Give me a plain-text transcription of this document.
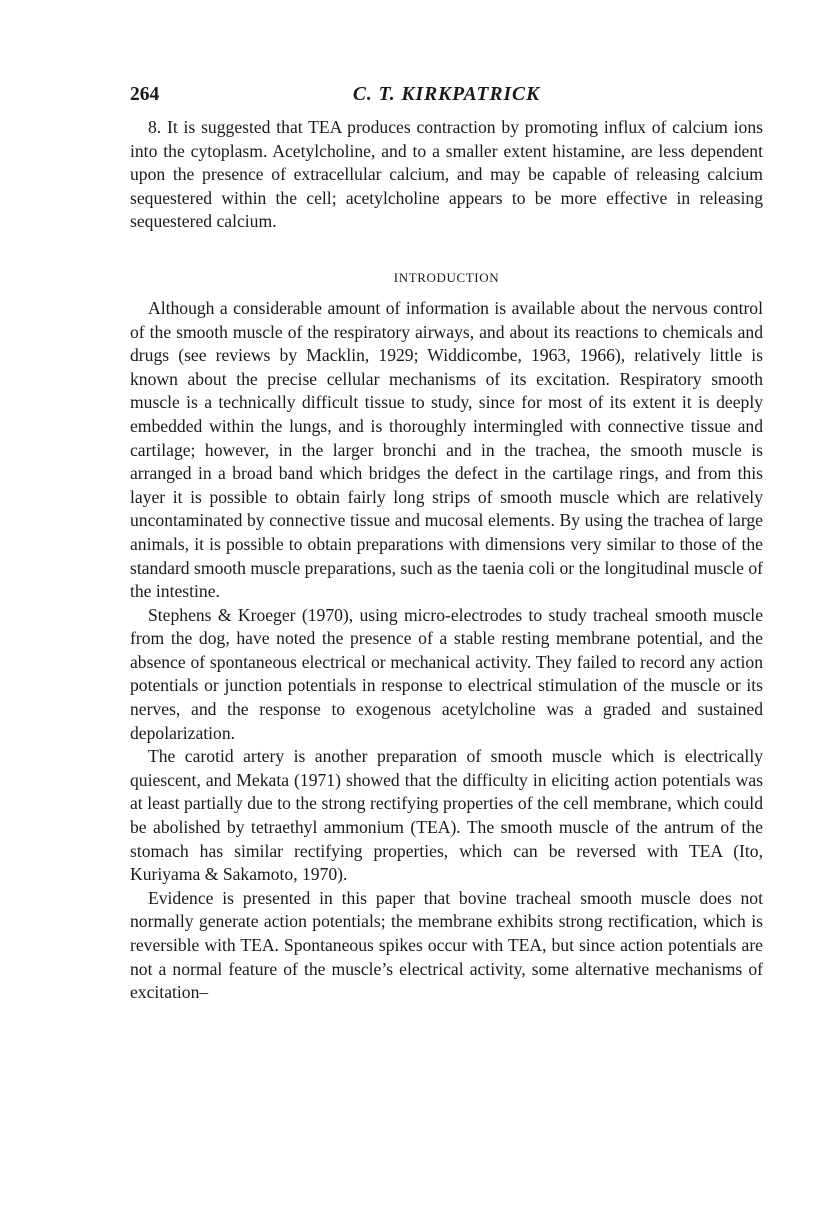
264	C. T. KIRKPATRICK

8. It is suggested that TEA produces contraction by promoting influx of calcium ions into the cytoplasm. Acetylcholine, and to a smaller extent histamine, are less dependent upon the presence of extracellular calcium, and may be capable of releasing calcium sequestered within the cell; acetylcholine appears to be more effective in releasing sequestered calcium.

INTRODUCTION

Although a considerable amount of information is available about the nervous control of the smooth muscle of the respiratory airways, and about its reactions to chemicals and drugs (see reviews by Macklin, 1929; Widdicombe, 1963, 1966), relatively little is known about the precise cellular mechanisms of its excitation. Respiratory smooth muscle is a technically difficult tissue to study, since for most of its extent it is deeply embedded within the lungs, and is thoroughly intermingled with connective tissue and cartilage; however, in the larger bronchi and in the trachea, the smooth muscle is arranged in a broad band which bridges the defect in the cartilage rings, and from this layer it is possible to obtain fairly long strips of smooth muscle which are relatively uncontaminated by connective tissue and mucosal elements. By using the trachea of large animals, it is possible to obtain preparations with dimensions very similar to those of the standard smooth muscle preparations, such as the taenia coli or the longitudinal muscle of the intestine.

Stephens & Kroeger (1970), using micro-electrodes to study tracheal smooth muscle from the dog, have noted the presence of a stable resting membrane potential, and the absence of spontaneous electrical or mechanical activity. They failed to record any action potentials or junction potentials in response to electrical stimulation of the muscle or its nerves, and the response to exogenous acetylcholine was a graded and sustained depolarization.

The carotid artery is another preparation of smooth muscle which is electrically quiescent, and Mekata (1971) showed that the difficulty in eliciting action potentials was at least partially due to the strong rectifying properties of the cell membrane, which could be abolished by tetraethyl ammonium (TEA). The smooth muscle of the antrum of the stomach has similar rectifying properties, which can be reversed with TEA (Ito, Kuriyama & Sakamoto, 1970).

Evidence is presented in this paper that bovine tracheal smooth muscle does not normally generate action potentials; the membrane exhibits strong rectification, which is reversible with TEA. Spontaneous spikes occur with TEA, but since action potentials are not a normal feature of the muscle’s electrical activity, some alternative mechanisms of excitation–
